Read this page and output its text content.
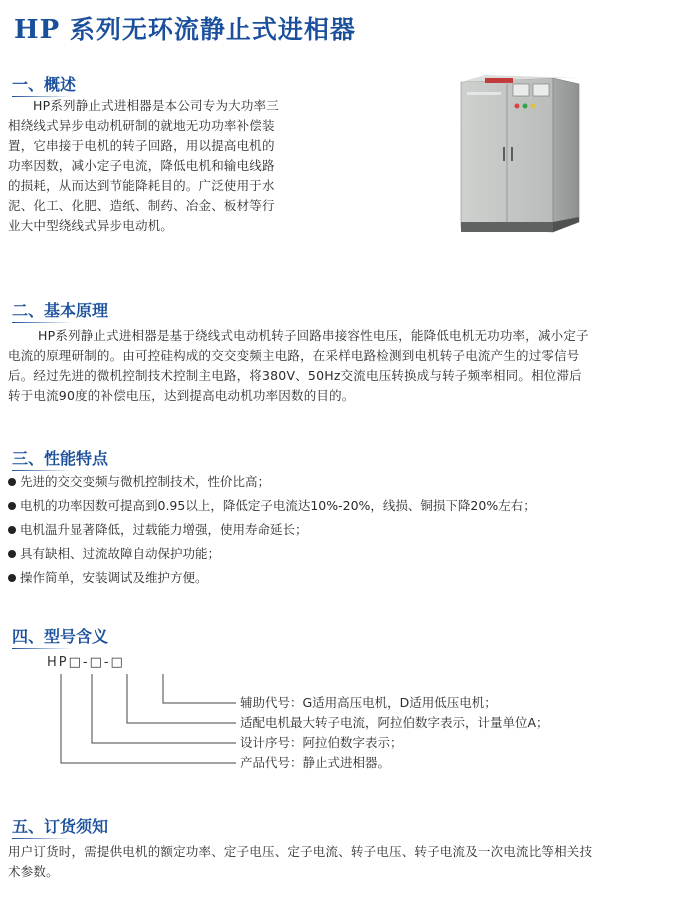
HP 系列无环流静止式进相器
一、概述
HP系列静止式进相器是本公司专为大功率三
相绕线式异步电动机研制的就地无功功率补偿装
置，它串接于电机的转子回路，用以提高电机的
功率因数，减小定子电流，降低电机和输电线路
的损耗，从而达到节能降耗目的。广泛使用于水
泥、化工、化肥、造纸、制药、冶金、板材等行
业大中型绕线式异步电动机。
二、基本原理
HP系列静止式进相器是基于绕线式电动机转子回路串接容性电压，能降低电机无功功率，减小定子
电流的原理研制的。由可控硅构成的交交变频主电路，在采样电路检测到电机转子电流产生的过零信号
后。经过先进的微机控制技术控制主电路，将380V、50Hz交流电压转换成与转子频率相同。相位滞后
转于电流90度的补偿电压，达到提高电动机功率因数的目的。
三、性能特点
先进的交交变频与微机控制技术，性价比高；
电机的功率因数可提高到0.95以上，降低定子电流达10%-20%，线损、铜损下降20%左右；
电机温升显著降低，过载能力增强，使用寿命延长；
具有缺相、过流故障自动保护功能；
操作简单，安装调试及维护方便。
四、型号含义
HP□-□-□
辅助代号：G适用高压电机，D适用低压电机；
适配电机最大转子电流，阿拉伯数字表示，计量单位A；
设计序号：阿拉伯数字表示；
产品代号：静止式进相器。
五、订货须知
用户订货时，需提供电机的额定功率、定子电压、定子电流、转子电压、转子电流及一次电流比等相关技
术参数。
